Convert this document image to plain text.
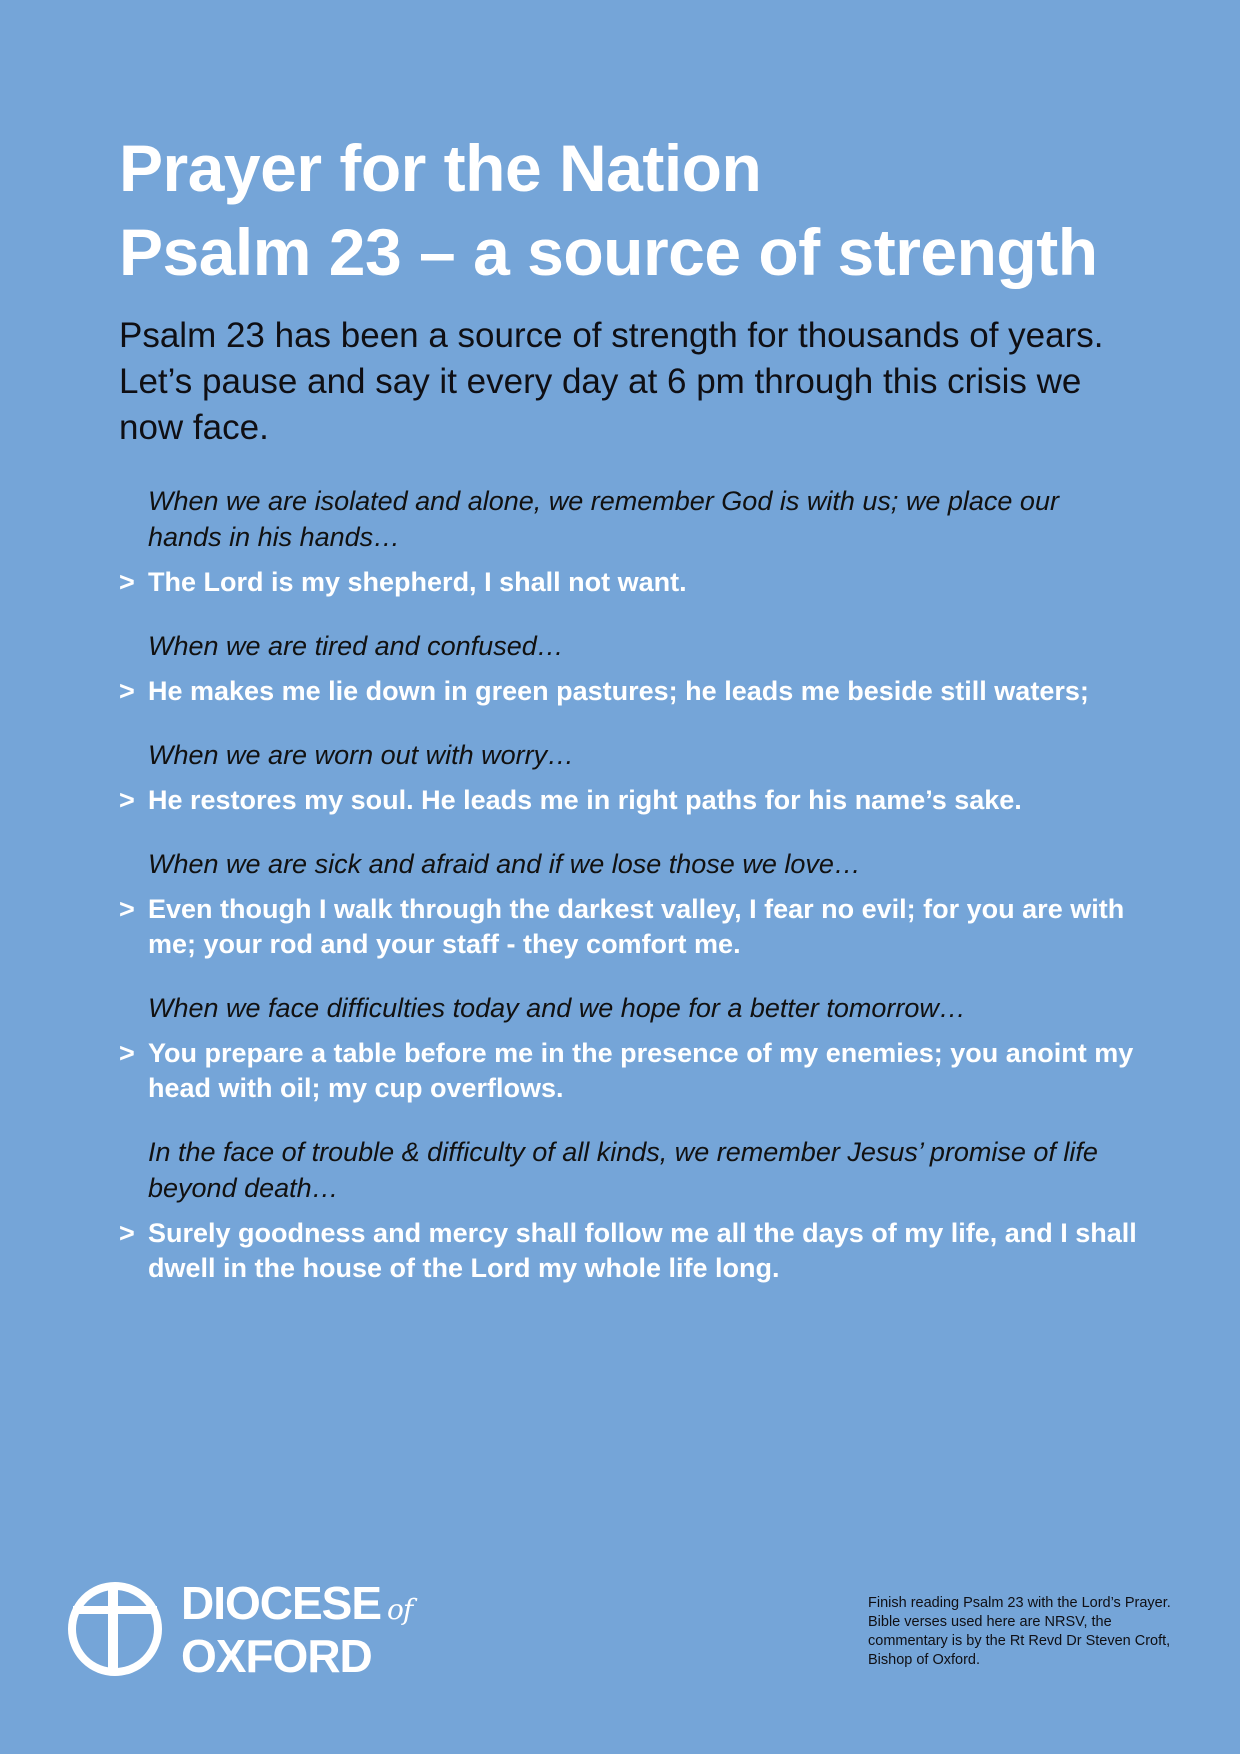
Prayer for the Nation
Psalm 23 – a source of strength

Psalm 23 has been a source of strength for thousands of years. Let’s pause and say it every day at 6 pm through this crisis we now face.

When we are isolated and alone, we remember God is with us; we place our hands in his hands…

> The Lord is my shepherd, I shall not want.

When we are tired and confused…

> He makes me lie down in green pastures; he leads me beside still waters;

When we are worn out with worry…

> He restores my soul. He leads me in right paths for his name’s sake.

When we are sick and afraid and if we lose those we love…

> Even though I walk through the darkest valley, I fear no evil; for you are with me; your rod and your staff - they comfort me.

When we face difficulties today and we hope for a better tomorrow…

> You prepare a table before me in the presence of my enemies; you anoint my head with oil; my cup overflows.

In the face of trouble & difficulty of all kinds, we remember Jesus’ promise of life beyond death…

> Surely goodness and mercy shall follow me all the days of my life, and I shall dwell in the house of the Lord my whole life long.

DIOCESE of
OXFORD

Finish reading Psalm 23 with the Lord’s Prayer. Bible verses used here are NRSV, the commentary is by the Rt Revd Dr Steven Croft, Bishop of Oxford.
